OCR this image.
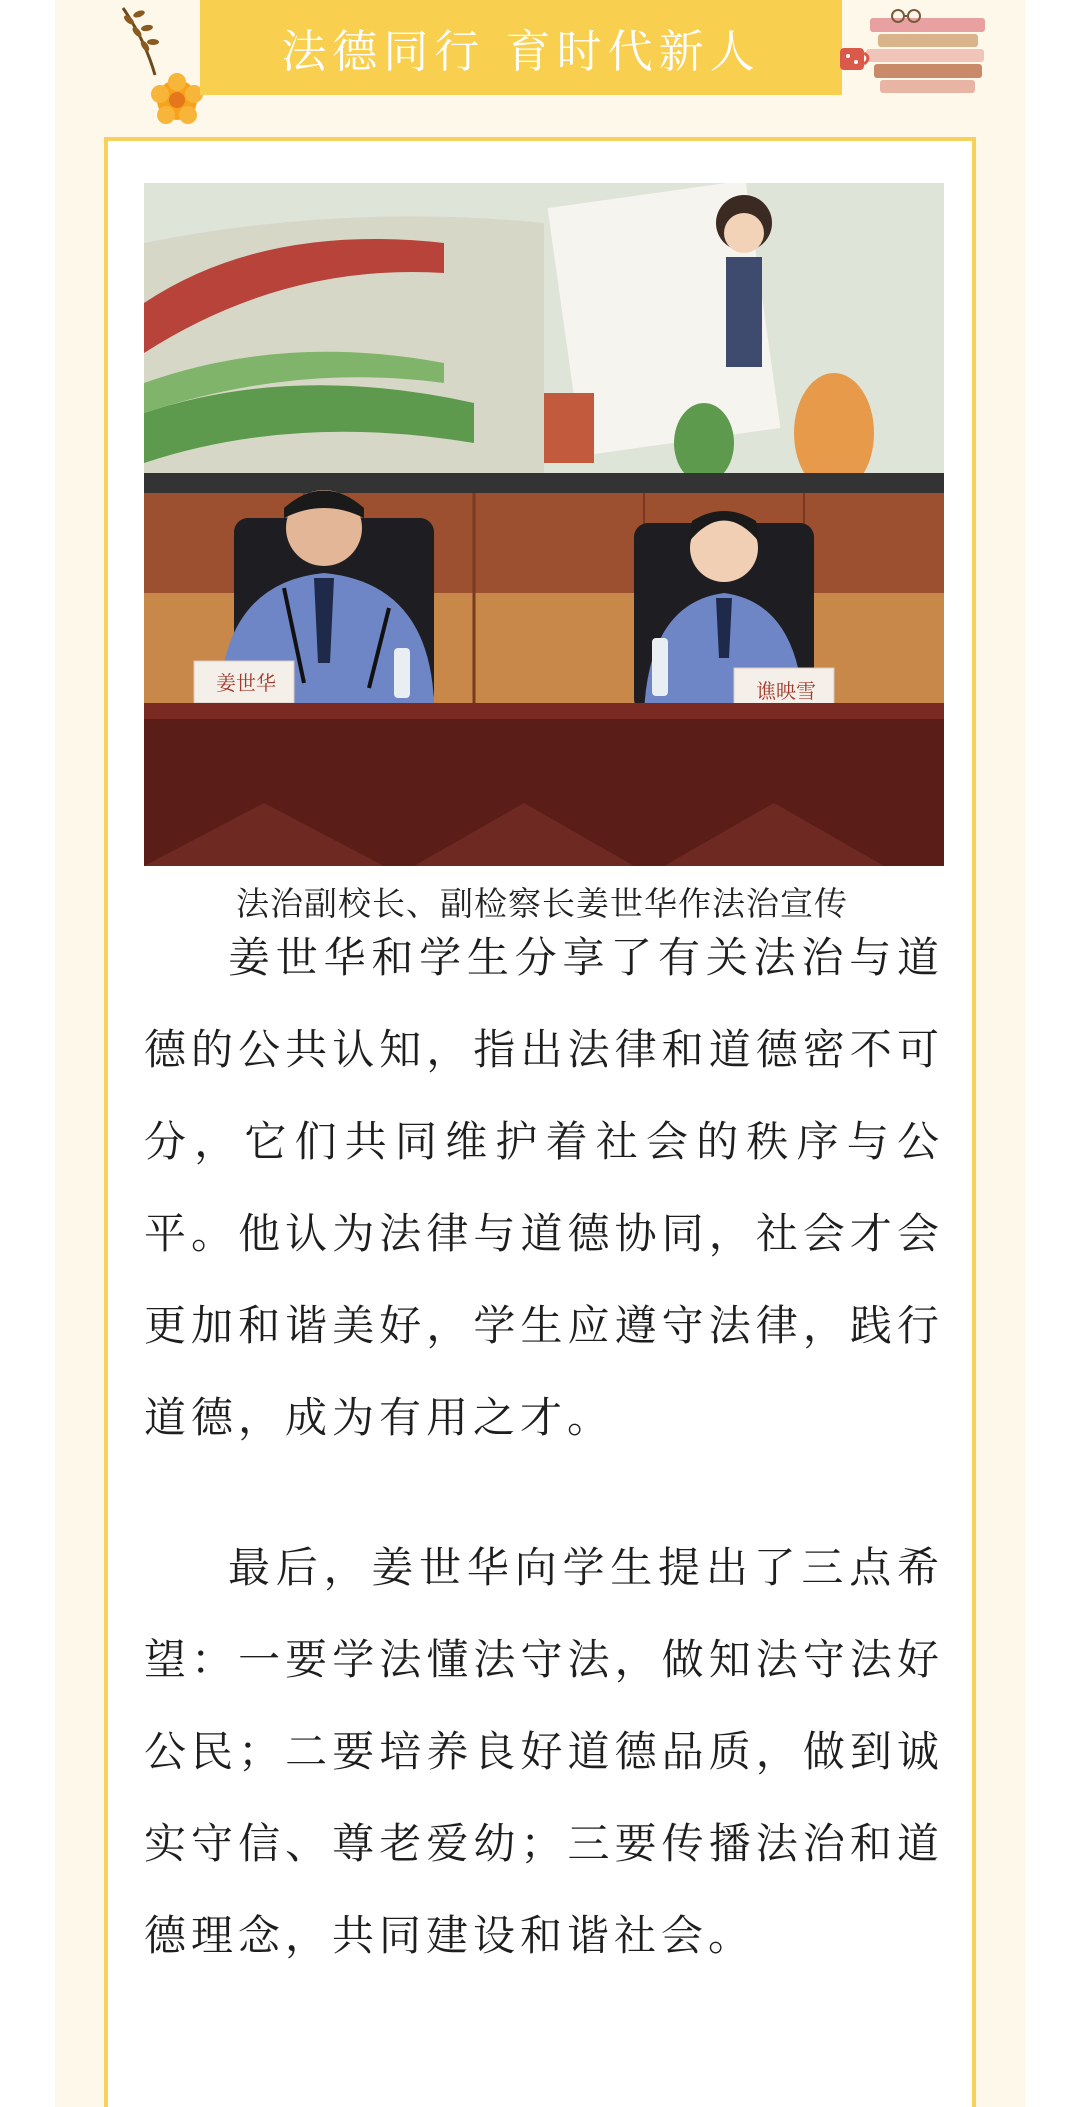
法德同行 育时代新人
姜世华	谯映雪
法治副校长、副检察长姜世华作法治宣传

姜世华和学生分享了有关法治与道德的公共认知，指出法律和道德密不可分，它们共同维护着社会的秩序与公平。他认为法律与道德协同，社会才会更加和谐美好，学生应遵守法律，践行道德，成为有用之才。

最后，姜世华向学生提出了三点希望：一要学法懂法守法，做知法守法好公民；二要培养良好道德品质，做到诚实守信、尊老爱幼；三要传播法治和道德理念，共同建设和谐社会。
